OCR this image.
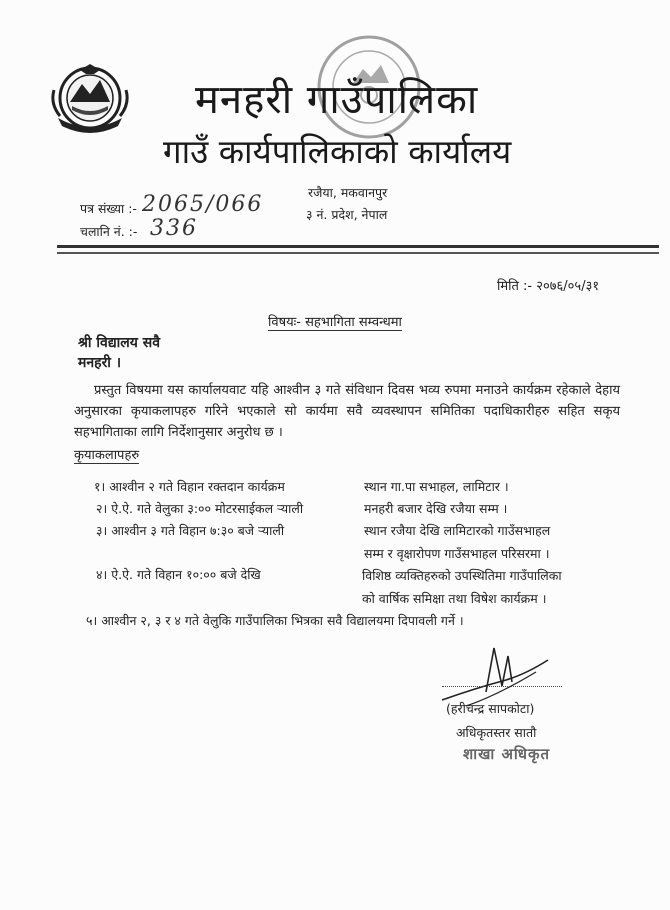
मनहरी गाउँपालिका
गाउँ कार्यपालिकाको कार्यालय
रजैया, मकवानपुर
३ नं. प्रदेश, नेपाल
पत्र संख्या :- 2065/066
चलानि नं. :- 336
मिति :- २०७६/०५/३१
विषयः- सहभागिता सम्वन्धमा
श्री विद्यालय सवै
मनहरी ।
प्रस्तुत विषयमा यस कार्यालयवाट यहि आश्वीन ३ गते संविधान दिवस भव्य रुपमा मनाउने कार्यक्रम रहेकाले देहाय अनुसारका कृयाकलापहरु गरिने भएकाले सो कार्यमा सवै व्यवस्थापन समितिका पदाधिकारीहरु सहित सकृय सहभागिताका लागि निर्देशानुसार अनुरोध छ ।
कृयाकलापहरु
१। आश्वीन २ गते विहान रक्तदान कार्यक्रम	स्थान गा.पा सभाहल, लामिटार ।
२। ऐ.ऐ. गते वेलुका ३:०० मोटरसाईकल ऱ्याली	मनहरी बजार देखि रजैया सम्म ।
३। आश्वीन ३ गते विहान ७:३० बजे ऱ्याली	स्थान रजैया देखि लामिटारको गाउँसभाहल
सम्म र वृक्षारोपण गाउँसभाहल परिसरमा ।
४। ऐ.ऐ. गते विहान १०:०० बजे देखि	विशिष्ठ व्यक्तिहरुको उपस्थितिमा गाउँपालिका
को वार्षिक समिक्षा तथा विषेश कार्यक्रम ।
५। आश्वीन २, ३ र ४ गते वेलुकि गाउँपालिका भित्रका सवै विद्यालयमा दिपावली गर्ने ।
(हरीचन्द्र सापकोटा)
अधिकृतस्तर सातौ
शाखा अधिकृत
